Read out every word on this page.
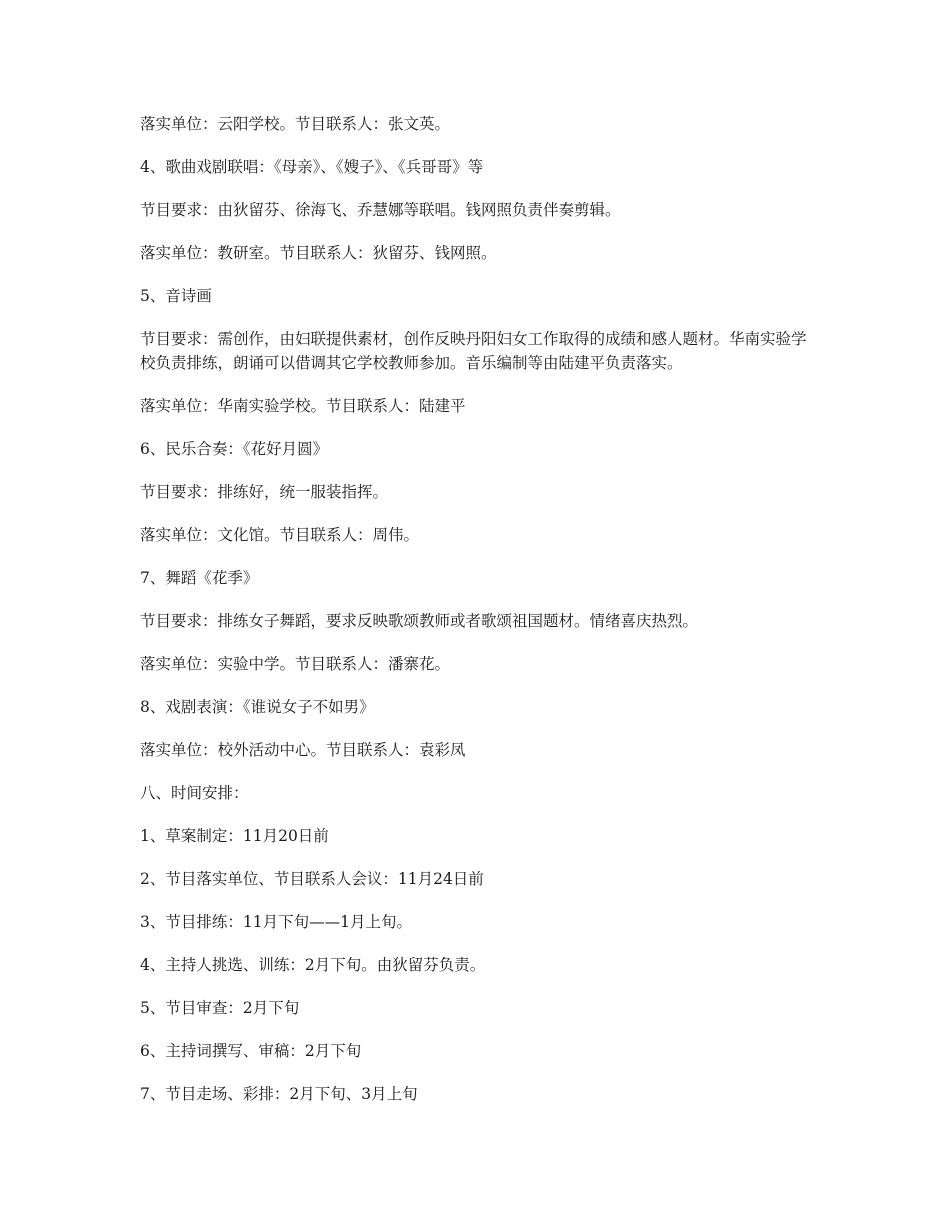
落实单位：云阳学校。节目联系人：张文英。

4、歌曲戏剧联唱：《母亲》、《嫂子》、《兵哥哥》等

节目要求：由狄留芬、徐海飞、乔慧娜等联唱。钱网照负责伴奏剪辑。

落实单位：教研室。节目联系人：狄留芬、钱网照。

5、音诗画

节目要求：需创作，由妇联提供素材，创作反映丹阳妇女工作取得的成绩和感人题材。华南实验学校负责排练，朗诵可以借调其它学校教师参加。音乐编制等由陆建平负责落实。

落实单位：华南实验学校。节目联系人：陆建平

6、民乐合奏：《花好月圆》

节目要求：排练好，统一服装指挥。

落实单位：文化馆。节目联系人：周伟。

7、舞蹈《花季》

节目要求：排练女子舞蹈，要求反映歌颂教师或者歌颂祖国题材。情绪喜庆热烈。

落实单位：实验中学。节目联系人：潘寨花。

8、戏剧表演：《谁说女子不如男》

落实单位：校外活动中心。节目联系人：袁彩凤

八、时间安排：

1、草案制定：11月20日前

2、节目落实单位、节目联系人会议：11月24日前

3、节目排练：11月下旬——1月上旬。

4、主持人挑选、训练：2月下旬。由狄留芬负责。

5、节目审查：2月下旬

6、主持词撰写、审稿：2月下旬

7、节目走场、彩排：2月下旬、3月上旬
